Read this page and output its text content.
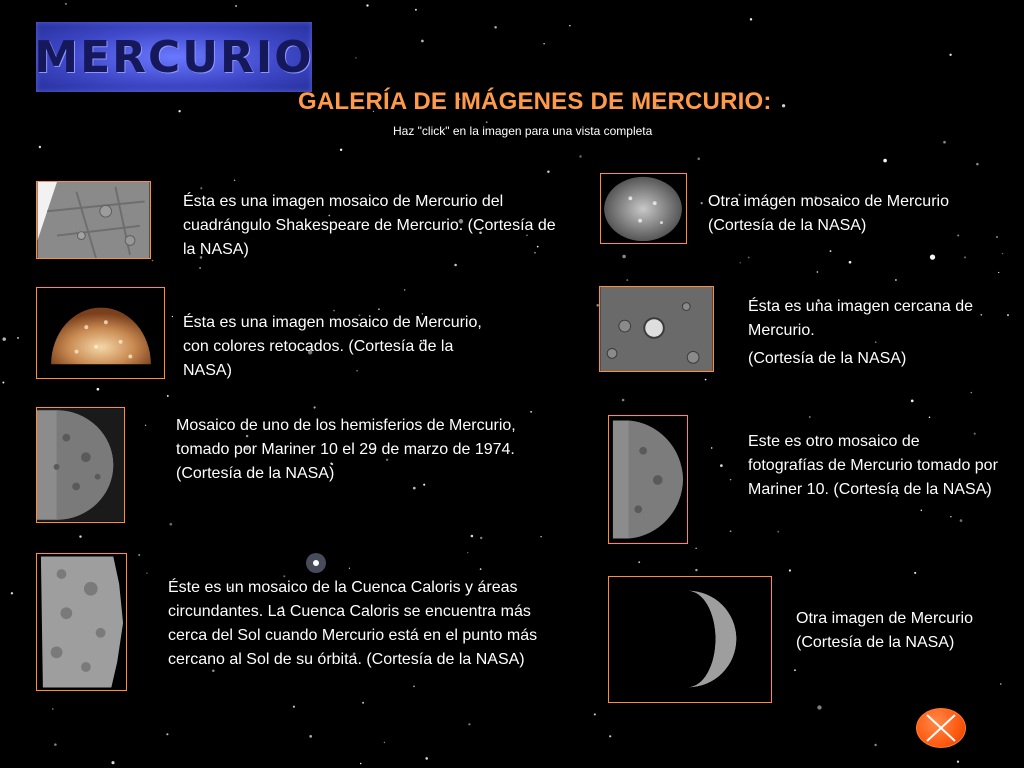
MERCURIO
GALERÍA DE IMÁGENES DE MERCURIO:

Haz "click" en la imagen para una vista completa

Ésta es una imagen mosaico de Mercurio del cuadrángulo Shakespeare de Mercurio. (Cortesía de la NASA)

Ésta es una imagen mosaico de Mercurio, con colores retocados. (Cortesía de la NASA)

Mosaico de uno de los hemisferios de Mercurio, tomado por Mariner 10 el 29 de marzo de 1974. (Cortesía de la NASA)

Éste es un mosaico de la Cuenca Caloris y áreas circundantes. La Cuenca Caloris se encuentra más cerca del Sol cuando Mercurio está en el punto más cercano al Sol de su órbita. (Cortesía de la NASA)

Otra imágen mosaico de Mercurio (Cortesía de la NASA)

Ésta es una imagen cercana de Mercurio.

(Cortesía de la NASA)

Este es otro mosaico de fotografías de Mercurio tomado por Mariner 10. (Cortesía de la NASA)

Otra imagen de Mercurio (Cortesía de la NASA)
